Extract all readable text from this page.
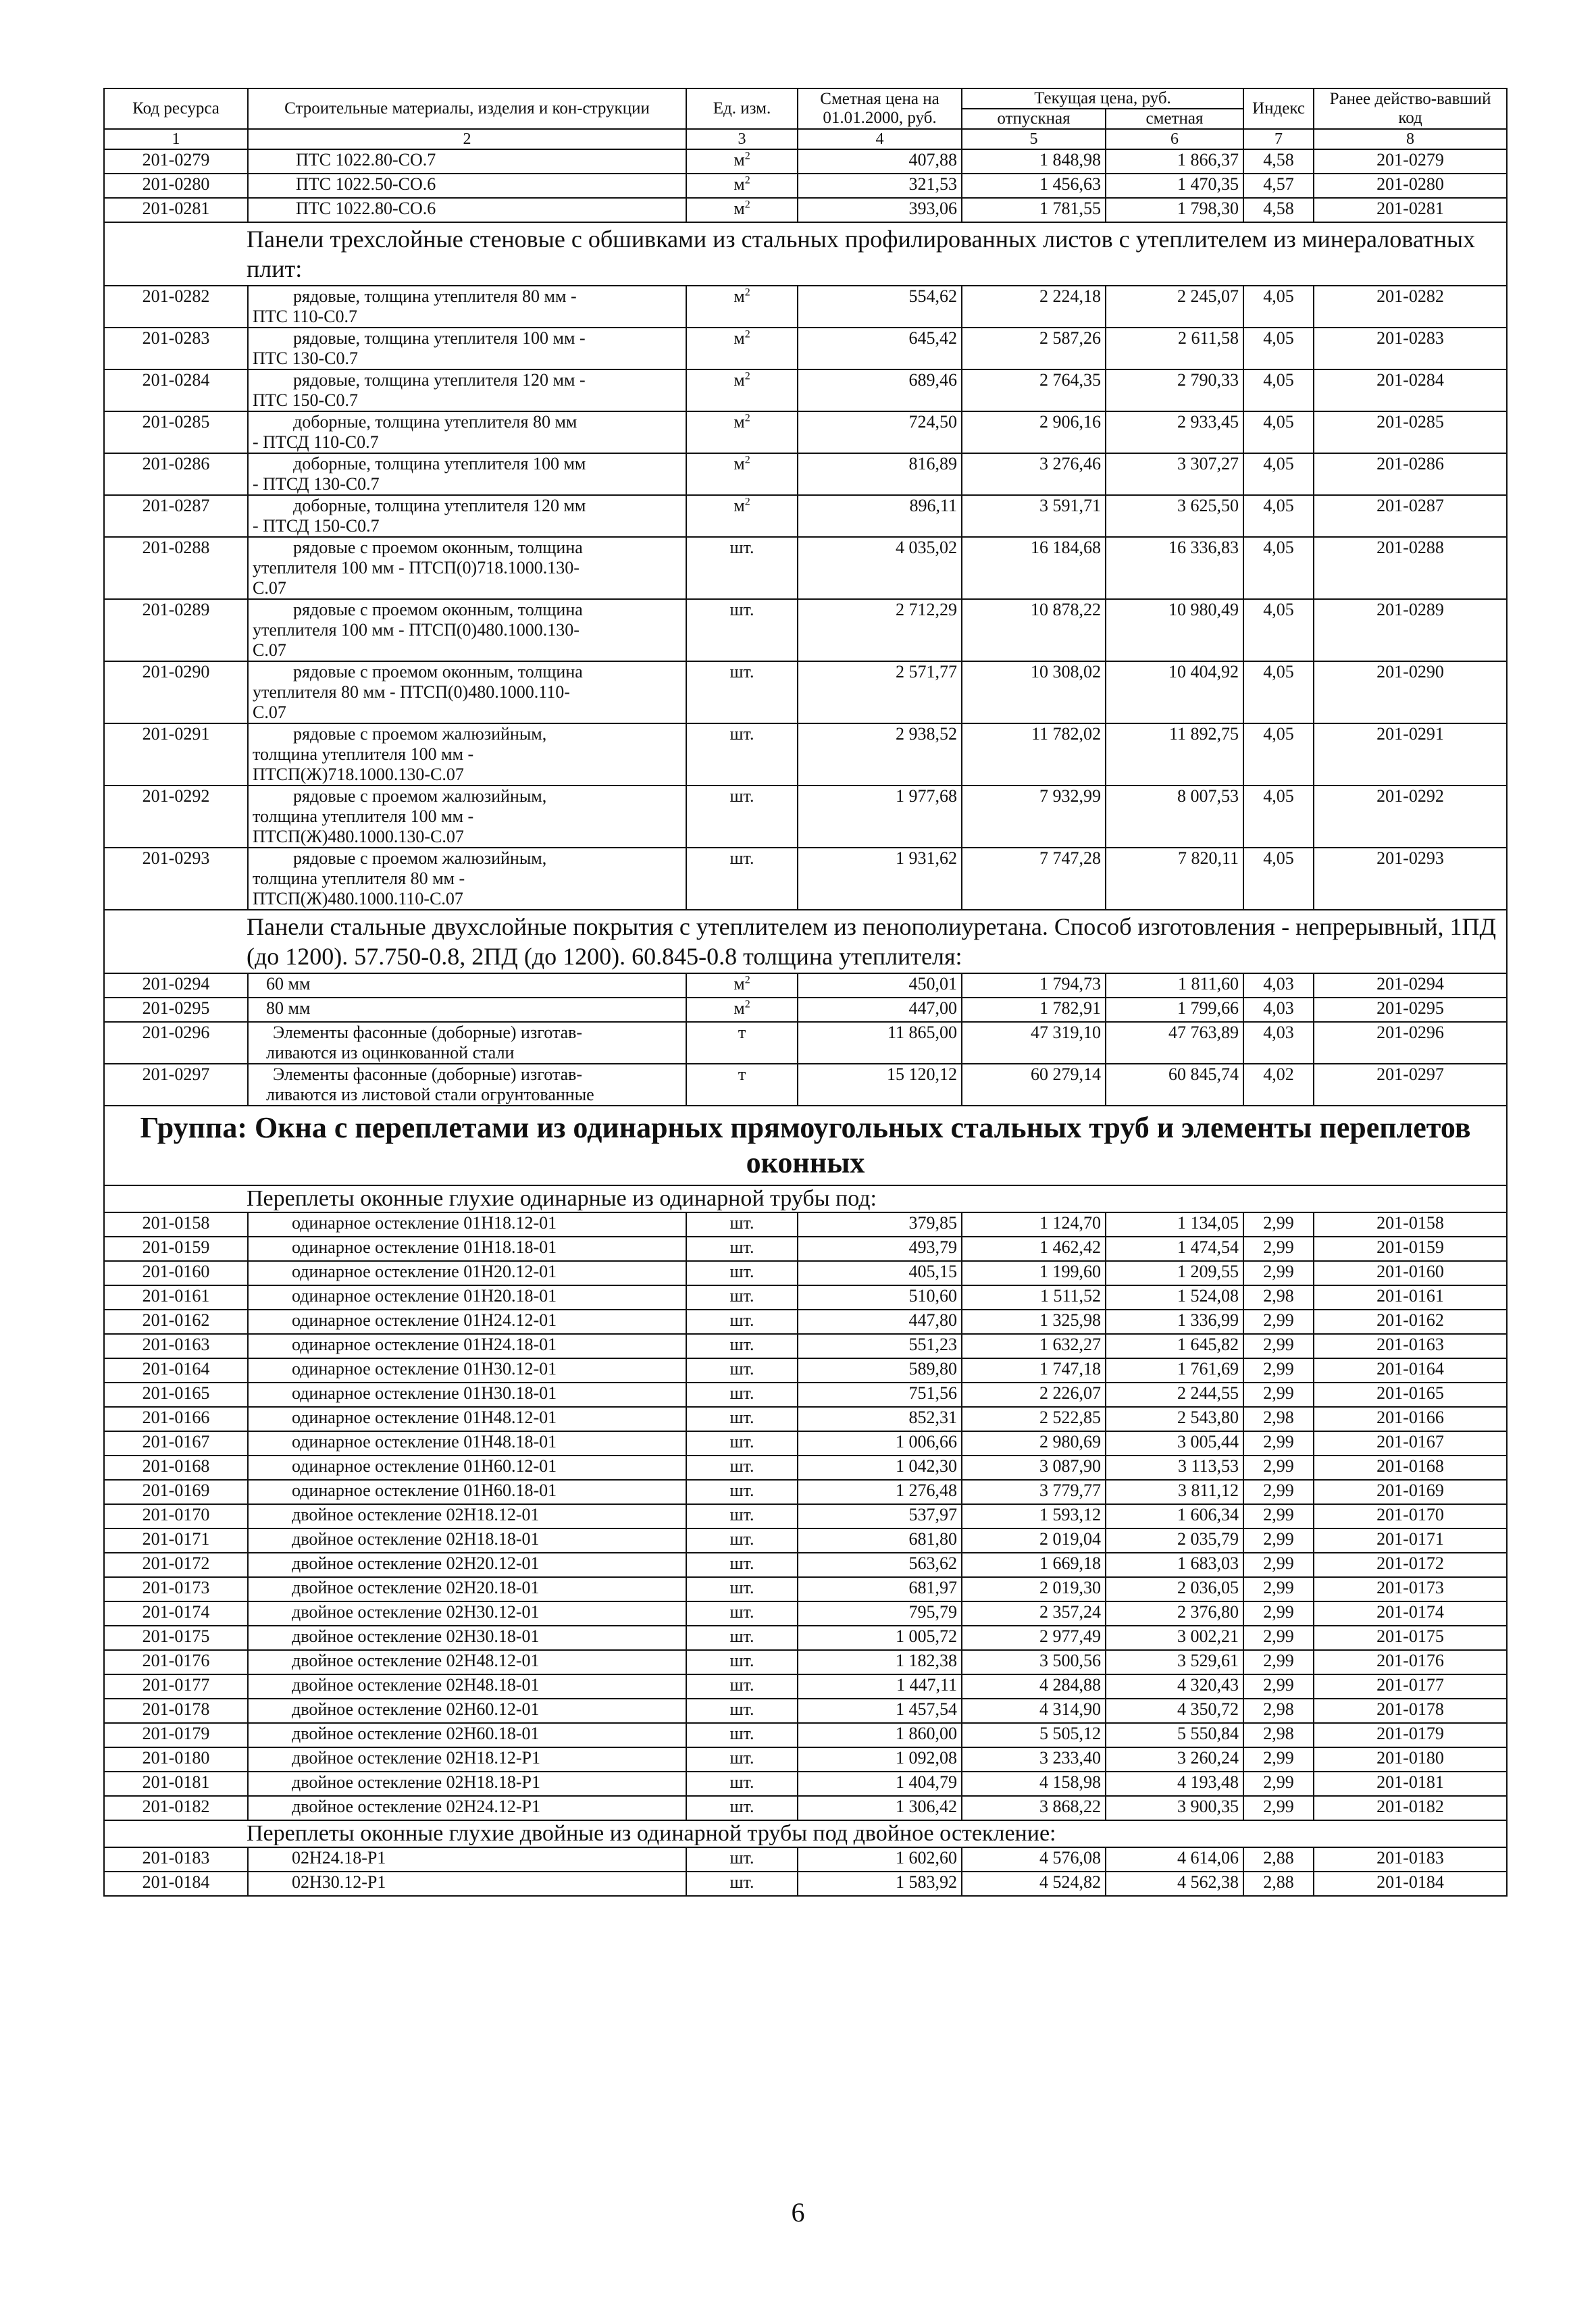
Код ресурса	Строительные материалы, изделия и кон-струкции	Ед. изм.	Сметная цена на 01.01.2000, руб.	Текущая цена, руб.		Индекс	Ранее действо-вавший код
				отпускная	сметная		
1	2	3	4	5	6	7	8
201-0279	ПТС 1022.80-СО.7	$м^2$	407,88	1 848,98	1 866,37	4,58	201-0279
201-0280	ПТС 1022.50-СО.6	$м^2$	321,53	1 456,63	1 470,35	4,57	201-0280
201-0281	ПТС 1022.80-СО.6	$м^2$	393,06	1 781,55	1 798,30	4,58	201-0281
Панели трехслойные стеновые с обшивками из стальных профилированных листов с утеплителем из минераловатных плит:							
201-0282	рядовые, толщина утеплителя 80 мм -
ПТС 110-С0.7	$м^2$	554,62	2 224,18	2 245,07	4,05	201-0282
201-0283	рядовые, толщина утеплителя 100 мм -
ПТС 130-С0.7	$м^2$	645,42	2 587,26	2 611,58	4,05	201-0283
201-0284	рядовые, толщина утеплителя 120 мм -
ПТС 150-С0.7	$м^2$	689,46	2 764,35	2 790,33	4,05	201-0284
201-0285	доборные, толщина утеплителя 80 мм
- ПТСД 110-С0.7	$м^2$	724,50	2 906,16	2 933,45	4,05	201-0285
201-0286	доборные, толщина утеплителя 100 мм
- ПТСД 130-С0.7	$м^2$	816,89	3 276,46	3 307,27	4,05	201-0286
201-0287	доборные, толщина утеплителя 120 мм
- ПТСД 150-С0.7	$м^2$	896,11	3 591,71	3 625,50	4,05	201-0287
201-0288	рядовые с проемом оконным, толщина
утеплителя 100 мм - ПТСП(0)718.1000.130-
С.07	шт.	4 035,02	16 184,68	16 336,83	4,05	201-0288
201-0289	рядовые с проемом оконным, толщина
утеплителя 100 мм - ПТСП(0)480.1000.130-
С.07	шт.	2 712,29	10 878,22	10 980,49	4,05	201-0289
201-0290	рядовые с проемом оконным, толщина
утеплителя 80 мм - ПТСП(0)480.1000.110-
С.07	шт.	2 571,77	10 308,02	10 404,92	4,05	201-0290
201-0291	рядовые с проемом жалюзийным,
толщина утеплителя 100 мм -
ПТСП(Ж)718.1000.130-С.07	шт.	2 938,52	11 782,02	11 892,75	4,05	201-0291
201-0292	рядовые с проемом жалюзийным,
толщина утеплителя 100 мм -
ПТСП(Ж)480.1000.130-С.07	шт.	1 977,68	7 932,99	8 007,53	4,05	201-0292
201-0293	рядовые с проемом жалюзийным,
толщина утеплителя 80 мм -
ПТСП(Ж)480.1000.110-С.07	шт.	1 931,62	7 747,28	7 820,11	4,05	201-0293
Панели стальные двухслойные покрытия с утеплителем из пенополиуретана. Способ изготовления - непрерывный, 1ПД (до 1200). 57.750-0.8, 2ПД (до 1200). 60.845-0.8 толщина утеплителя:							
201-0294	60 мм	$м^2$	450,01	1 794,73	1 811,60	4,03	201-0294
201-0295	80 мм	$м^2$	447,00	1 782,91	1 799,66	4,03	201-0295
201-0296	Элементы фасонные (доборные) изготав-
ливаются из оцинкованной стали	т	11 865,00	47 319,10	47 763,89	4,03	201-0296
201-0297	Элементы фасонные (доборные) изготав-
ливаются из листовой стали огрунтованные	т	15 120,12	60 279,14	60 845,74	4,02	201-0297
Группа: Окна с переплетами из одинарных прямоугольных стальных труб и элементы переплетов оконных							
Переплеты оконные глухие одинарные из одинарной трубы под:							
201-0158	одинарное остекление 01Н18.12-01	шт.	379,85	1 124,70	1 134,05	2,99	201-0158
201-0159	одинарное остекление 01Н18.18-01	шт.	493,79	1 462,42	1 474,54	2,99	201-0159
201-0160	одинарное остекление 01Н20.12-01	шт.	405,15	1 199,60	1 209,55	2,99	201-0160
201-0161	одинарное остекление 01Н20.18-01	шт.	510,60	1 511,52	1 524,08	2,98	201-0161
201-0162	одинарное остекление 01Н24.12-01	шт.	447,80	1 325,98	1 336,99	2,99	201-0162
201-0163	одинарное остекление 01Н24.18-01	шт.	551,23	1 632,27	1 645,82	2,99	201-0163
201-0164	одинарное остекление 01Н30.12-01	шт.	589,80	1 747,18	1 761,69	2,99	201-0164
201-0165	одинарное остекление 01Н30.18-01	шт.	751,56	2 226,07	2 244,55	2,99	201-0165
201-0166	одинарное остекление 01Н48.12-01	шт.	852,31	2 522,85	2 543,80	2,98	201-0166
201-0167	одинарное остекление 01Н48.18-01	шт.	1 006,66	2 980,69	3 005,44	2,99	201-0167
201-0168	одинарное остекление 01Н60.12-01	шт.	1 042,30	3 087,90	3 113,53	2,99	201-0168
201-0169	одинарное остекление 01Н60.18-01	шт.	1 276,48	3 779,77	3 811,12	2,99	201-0169
201-0170	двойное остекление 02Н18.12-01	шт.	537,97	1 593,12	1 606,34	2,99	201-0170
201-0171	двойное остекление 02Н18.18-01	шт.	681,80	2 019,04	2 035,79	2,99	201-0171
201-0172	двойное остекление 02Н20.12-01	шт.	563,62	1 669,18	1 683,03	2,99	201-0172
201-0173	двойное остекление 02Н20.18-01	шт.	681,97	2 019,30	2 036,05	2,99	201-0173
201-0174	двойное остекление 02Н30.12-01	шт.	795,79	2 357,24	2 376,80	2,99	201-0174
201-0175	двойное остекление 02Н30.18-01	шт.	1 005,72	2 977,49	3 002,21	2,99	201-0175
201-0176	двойное остекление 02Н48.12-01	шт.	1 182,38	3 500,56	3 529,61	2,99	201-0176
201-0177	двойное остекление 02Н48.18-01	шт.	1 447,11	4 284,88	4 320,43	2,99	201-0177
201-0178	двойное остекление 02Н60.12-01	шт.	1 457,54	4 314,90	4 350,72	2,98	201-0178
201-0179	двойное остекление 02Н60.18-01	шт.	1 860,00	5 505,12	5 550,84	2,98	201-0179
201-0180	двойное остекление 02Н18.12-Р1	шт.	1 092,08	3 233,40	3 260,24	2,99	201-0180
201-0181	двойное остекление 02Н18.18-Р1	шт.	1 404,79	4 158,98	4 193,48	2,99	201-0181
201-0182	двойное остекление 02Н24.12-Р1	шт.	1 306,42	3 868,22	3 900,35	2,99	201-0182
Переплеты оконные глухие двойные из одинарной трубы под двойное остекление:							
201-0183	02Н24.18-Р1	шт.	1 602,60	4 576,08	4 614,06	2,88	201-0183
201-0184	02Н30.12-Р1	шт.	1 583,92	4 524,82	4 562,38	2,88	201-0184
6
